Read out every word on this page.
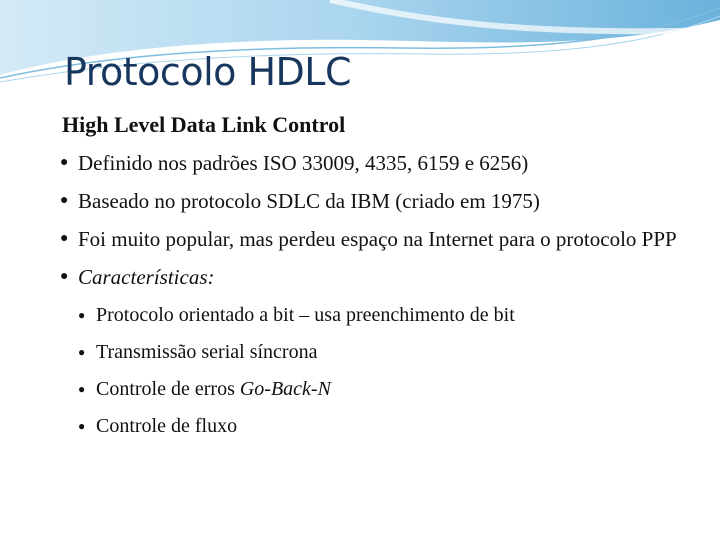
Protocolo HDLC
High Level Data Link Control
● Definido nos padrões ISO 33009, 4335, 6159 e 6256)
● Baseado no protocolo SDLC da IBM (criado em 1975)
● Foi muito popular, mas perdeu espaço na Internet para o protocolo PPP
● Características:
● Protocolo orientado a bit – usa preenchimento de bit
● Transmissão serial síncrona
● Controle de erros Go-Back-N
● Controle de fluxo
